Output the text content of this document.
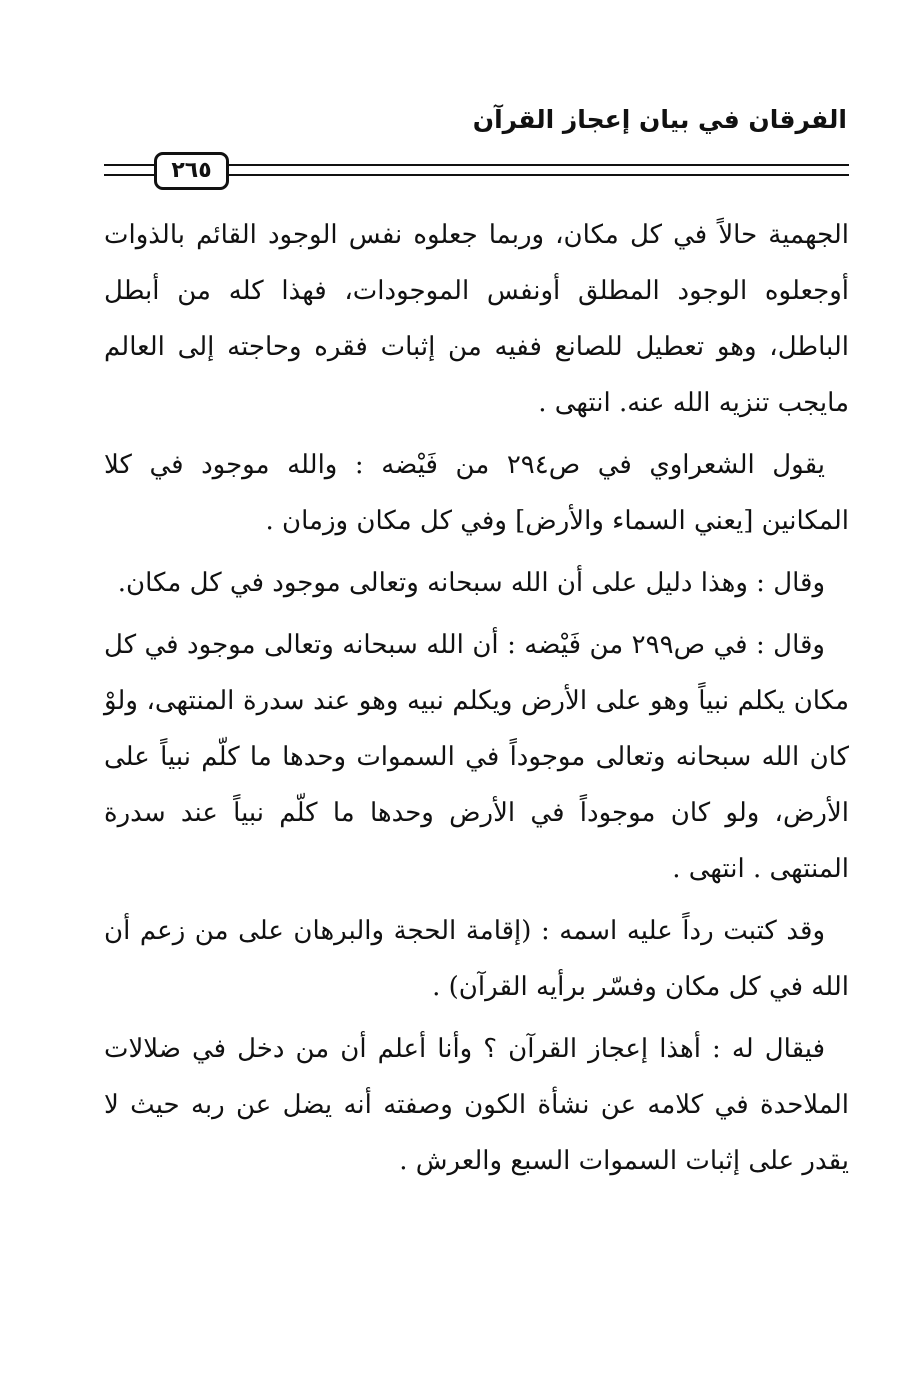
الفرقان في بيان إعجاز القرآن
٢٦٥

الجهمية حالاً في كل مكان، وربما جعلوه نفس الوجود القائم بالذوات أوجعلوه الوجود المطلق أونفس الموجودات، فهذا كله من أبطل الباطل، وهو تعطيل للصانع ففيه من إثبات فقره وحاجته إلى العالم مايجب تنزيه الله عنه. انتهى .

يقول الشعراوي في ص٢٩٤ من فَيْضه : والله موجود في كلا المكانين [يعني السماء والأرض] وفي كل مكان وزمان .

وقال : وهذا دليل على أن الله سبحانه وتعالى موجود في كل مكان.

وقال : في ص٢٩٩ من فَيْضه : أن الله سبحانه وتعالى موجود في كل مكان يكلم نبياً وهو على الأرض ويكلم نبيه وهو عند سدرة المنتهى، ولوْ كان الله سبحانه وتعالى موجوداً في السموات وحدها ما كلّم نبياً على الأرض، ولو كان موجوداً في الأرض وحدها ما كلّم نبياً عند سدرة المنتهى . انتهى .

وقد كتبت رداً عليه اسمه : (إقامة الحجة والبرهان على من زعم أن الله في كل مكان وفسّر برأيه القرآن) .

فيقال له : أهذا إعجاز القرآن ؟ وأنا أعلم أن من دخل في ضلالات الملاحدة في كلامه عن نشأة الكون وصفته أنه يضل عن ربه حيث لا يقدر على إثبات السموات السبع والعرش .
